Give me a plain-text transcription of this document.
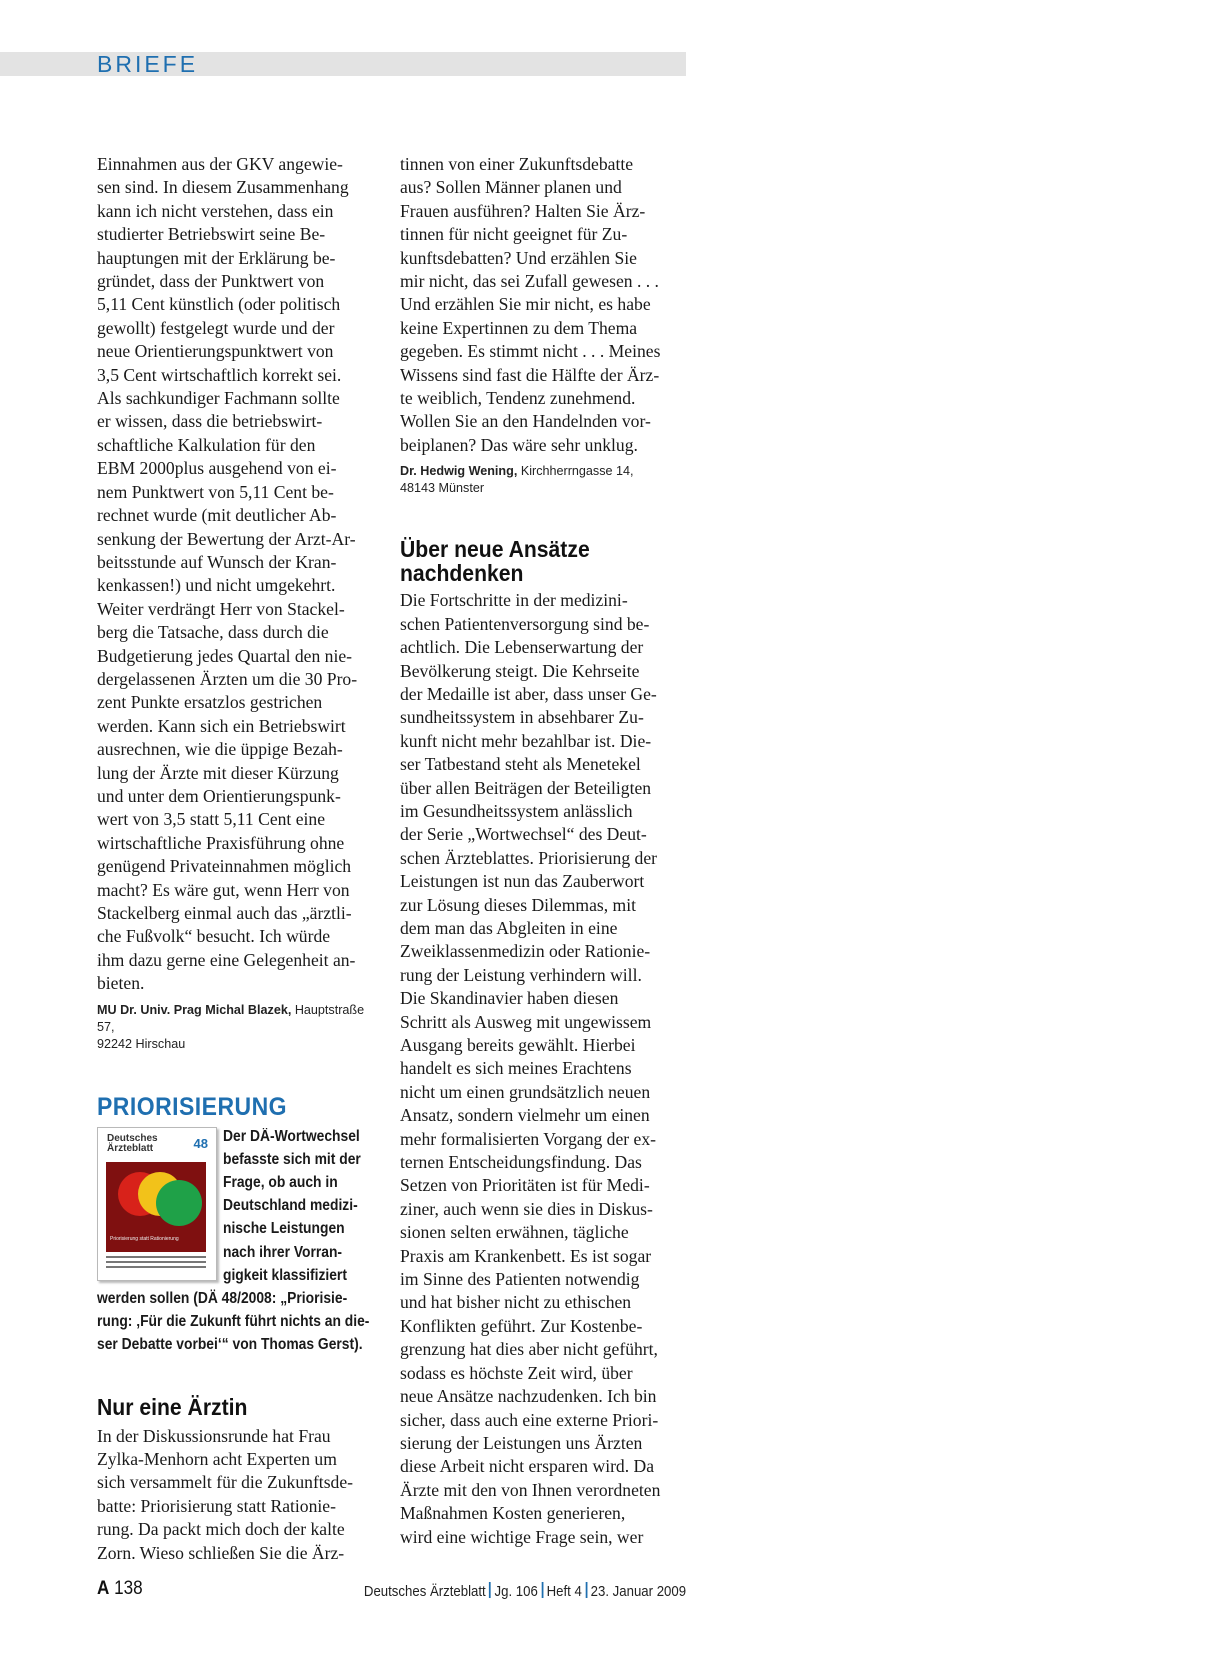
BRIEFE

Einnahmen aus der GKV angewie-
sen sind. In diesem Zusammenhang
kann ich nicht verstehen, dass ein
studierter Betriebswirt seine Be-
hauptungen mit der Erklärung be-
gründet, dass der Punktwert von
5,11 Cent künstlich (oder politisch
gewollt) festgelegt wurde und der
neue Orientierungspunktwert von
3,5 Cent wirtschaftlich korrekt sei.
Als sachkundiger Fachmann sollte
er wissen, dass die betriebswirt-
schaftliche Kalkulation für den
EBM 2000plus ausgehend von ei-
nem Punktwert von 5,11 Cent be-
rechnet wurde (mit deutlicher Ab-
senkung der Bewertung der Arzt-Ar-
beitsstunde auf Wunsch der Kran-
kenkassen!) und nicht umgekehrt.
Weiter verdrängt Herr von Stackel-
berg die Tatsache, dass durch die
Budgetierung jedes Quartal den nie-
dergelassenen Ärzten um die 30 Pro-
zent Punkte ersatzlos gestrichen
werden. Kann sich ein Betriebswirt
ausrechnen, wie die üppige Bezah-
lung der Ärzte mit dieser Kürzung
und unter dem Orientierungspunk-
wert von 3,5 statt 5,11 Cent eine
wirtschaftliche Praxisführung ohne
genügend Privateinnahmen möglich
macht? Es wäre gut, wenn Herr von
Stackelberg einmal auch das „ärztli-
che Fußvolk“ besucht. Ich würde
ihm dazu gerne eine Gelegenheit an-
bieten.

MU Dr. Univ. Prag Michal Blazek, Hauptstraße 57,
92242 Hirschau

PRIORISIERUNG
Deutsches Ärzteblatt	48
Priorisierung statt Rationierung
Der DÄ-Wortwechsel
befasste sich mit der
Frage, ob auch in
Deutschland medizi-
nische Leistungen
nach ihrer Vorran-
gigkeit klassifiziert
werden sollen (DÄ 48/2008: „Priorisie-
rung: ‚Für die Zukunft führt nichts an die-
ser Debatte vorbei‘“ von Thomas Gerst).
Nur eine Ärztin

In der Diskussionsrunde hat Frau
Zylka-Menhorn acht Experten um
sich versammelt für die Zukunftsde-
batte: Priorisierung statt Rationie-
rung. Da packt mich doch der kalte
Zorn. Wieso schließen Sie die Ärz-

tinnen von einer Zukunftsdebatte
aus? Sollen Männer planen und
Frauen ausführen? Halten Sie Ärz-
tinnen für nicht geeignet für Zu-
kunftsdebatten? Und erzählen Sie
mir nicht, das sei Zufall gewesen . . .
Und erzählen Sie mir nicht, es habe
keine Expertinnen zu dem Thema
gegeben. Es stimmt nicht . . . Meines
Wissens sind fast die Hälfte der Ärz-
te weiblich, Tendenz zunehmend.
Wollen Sie an den Handelnden vor-
beiplanen? Das wäre sehr unklug.

Dr. Hedwig Wening, Kirchherrngasse 14,
48143 Münster

Über neue Ansätze
nachdenken

Die Fortschritte in der medizini-
schen Patientenversorgung sind be-
achtlich. Die Lebenserwartung der
Bevölkerung steigt. Die Kehrseite
der Medaille ist aber, dass unser Ge-
sundheitssystem in absehbarer Zu-
kunft nicht mehr bezahlbar ist. Die-
ser Tatbestand steht als Menetekel
über allen Beiträgen der Beteiligten
im Gesundheitssystem anlässlich
der Serie „Wortwechsel“ des Deut-
schen Ärzteblattes. Priorisierung der
Leistungen ist nun das Zauberwort
zur Lösung dieses Dilemmas, mit
dem man das Abgleiten in eine
Zweiklassenmedizin oder Rationie-
rung der Leistung verhindern will.
Die Skandinavier haben diesen
Schritt als Ausweg mit ungewissem
Ausgang bereits gewählt. Hierbei
handelt es sich meines Erachtens
nicht um einen grundsätzlich neuen
Ansatz, sondern vielmehr um einen
mehr formalisierten Vorgang der ex-
ternen Entscheidungsfindung. Das
Setzen von Prioritäten ist für Medi-
ziner, auch wenn sie dies in Diskus-
sionen selten erwähnen, tägliche
Praxis am Krankenbett. Es ist sogar
im Sinne des Patienten notwendig
und hat bisher nicht zu ethischen
Konflikten geführt. Zur Kostenbe-
grenzung hat dies aber nicht geführt,
sodass es höchste Zeit wird, über
neue Ansätze nachzudenken. Ich bin
sicher, dass auch eine externe Priori-
sierung der Leistungen uns Ärzten
diese Arbeit nicht ersparen wird. Da
Ärzte mit den von Ihnen verordneten
Maßnahmen Kosten generieren,
wird eine wichtige Frage sein, wer

A 138	Deutsches Ärzteblatt Jg. 106 Heft 4 23. Januar 2009
